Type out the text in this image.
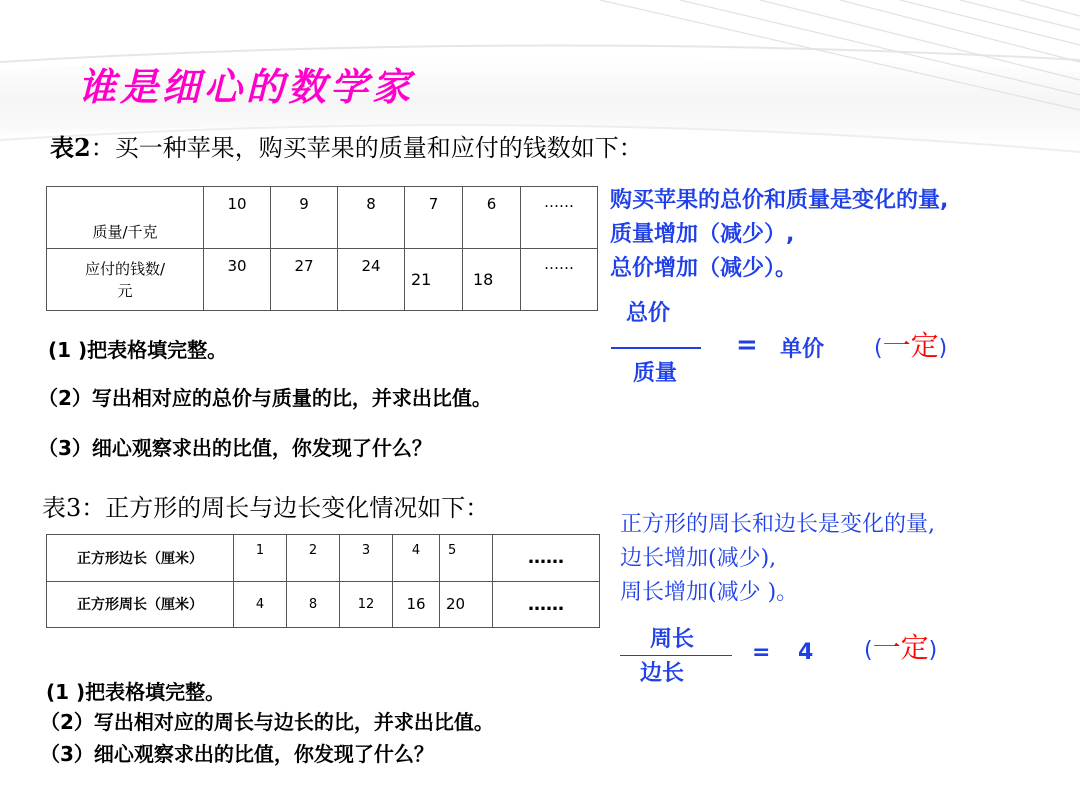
谁是细心的数学家
表2：买一种苹果，购买苹果的质量和应付的钱数如下：
质量/千克	10	9	8	7	6	……

应付的钱数/
元	30	27	24	21	18	……
购买苹果的总价和质量是变化的量,
质量增加（减少）,
总价增加（减少）。
总价
质量
= 单价 (一定)
(1 )把表格填完整。
（2）写出相对应的总价与质量的比，并求出比值。
（3）细心观察求出的比值，你发现了什么？
表3：正方形的周长与边长变化情况如下：
正方形边长（厘米）	1	2	3	4	5	……
正方形周长（厘米）	4	8	12	16	20	……
正方形的周长和边长是变化的量,
边长增加(减少),
周长增加(减少 )。
周长
边长
= 4 (一定)
(1 )把表格填完整。
（2）写出相对应的周长与边长的比，并求出比值。
（3）细心观察求出的比值，你发现了什么？
